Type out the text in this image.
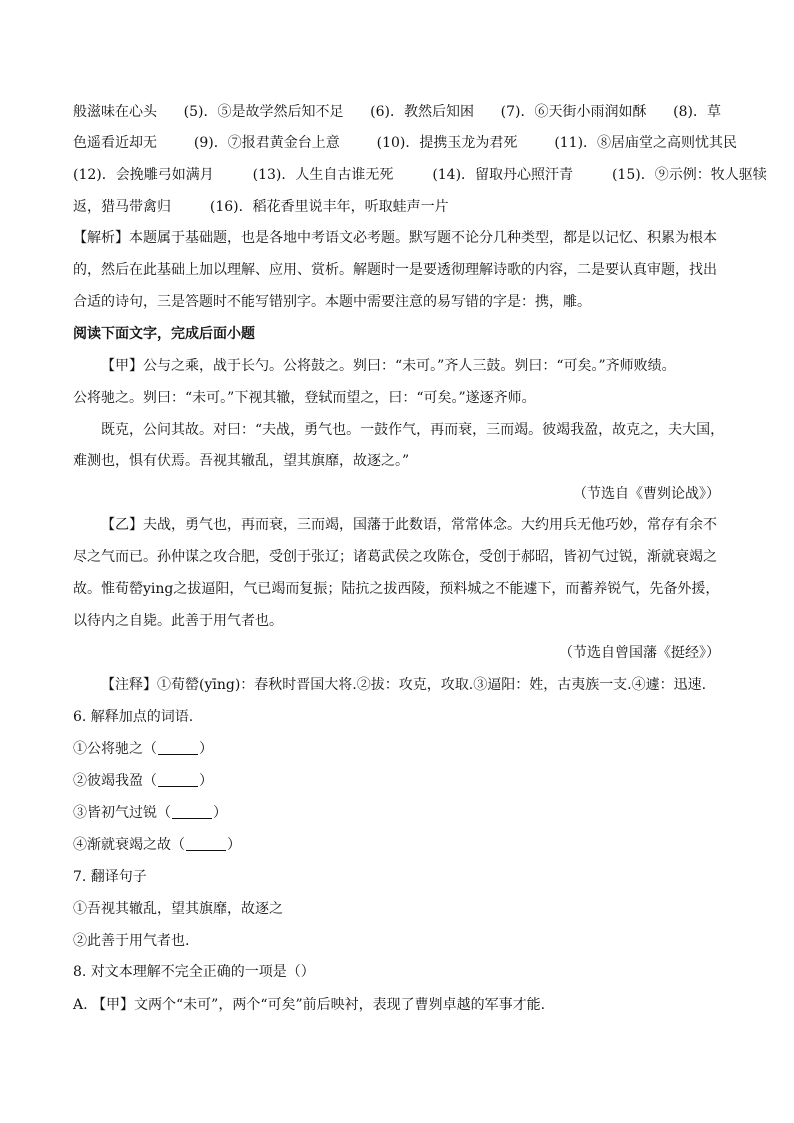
般滋味在心头 (5)．⑤是故学然后知不足 (6)．教然后知困 (7)．⑥天街小雨润如酥 (8)．草
色遥看近却无	(9)．⑦报君黄金台上意	(10)．提携玉龙为君死	(11)．⑧居庙堂之高则忧其民
(12)．会挽雕弓如满月	(13)．人生自古谁无死	(14)．留取丹心照汗青	(15)．⑨示例：牧人驱犊
返，猎马带禽归	(16)．稻花香里说丰年，听取蛙声一片
【解析】本题属于基础题，也是各地中考语文必考题。默写题不论分几种类型，都是以记忆、积累为根本
的，然后在此基础上加以理解、应用、赏析。解题时一是要透彻理解诗歌的内容，二是要认真审题，找出
合适的诗句，三是答题时不能写错别字。本题中需要注意的易写错的字是：携，雕。
阅读下面文字，完成后面小题
【甲】公与之乘，战于长勺。公将鼓之。刿曰：“未可。”齐人三鼓。刿曰：“可矣。”齐师败绩。
公将驰之。刿曰：“未可。”下视其辙，登轼而望之，曰：“可矣。”遂逐齐师。
既克，公问其故。对曰：“夫战，勇气也。一鼓作气，再而衰，三而竭。彼竭我盈，故克之，夫大国，
难测也，惧有伏焉。吾视其辙乱，望其旗靡，故逐之。”
（节选自《曹刿论战》）
【乙】夫战，勇气也，再而衰，三而竭，国藩于此数语，常常体念。大约用兵无他巧妙，常存有余不
尽之气而已。孙仲谋之攻合肥，受创于张辽；诸葛武侯之攻陈仓，受创于郝昭，皆初气过锐，渐就衰竭之
故。惟荀罃ying之拔逼阳，气已竭而复振；陆抗之拔西陵，预料城之不能遽下，而蓄养锐气，先备外援，
以待内之自毙。此善于用气者也。
（节选自曾国藩《挺经》）
【注释】①荀罃(yīng)：春秋时晋国大将.②拔：攻克，攻取.③逼阳：姓，古夷族一支.④遽：迅速.
6. 解释加点的词语.
①公将驰之（	）
②彼竭我盈（	）
③皆初气过锐（	）
④渐就衰竭之故（	）
7. 翻译句子
①吾视其辙乱，望其旗靡，故逐之
②此善于用气者也.
8. 对文本理解不完全正确的一项是（）
A. 【甲】文两个“未可”，两个“可矣”前后映衬，表现了曹刿卓越的军事才能.
